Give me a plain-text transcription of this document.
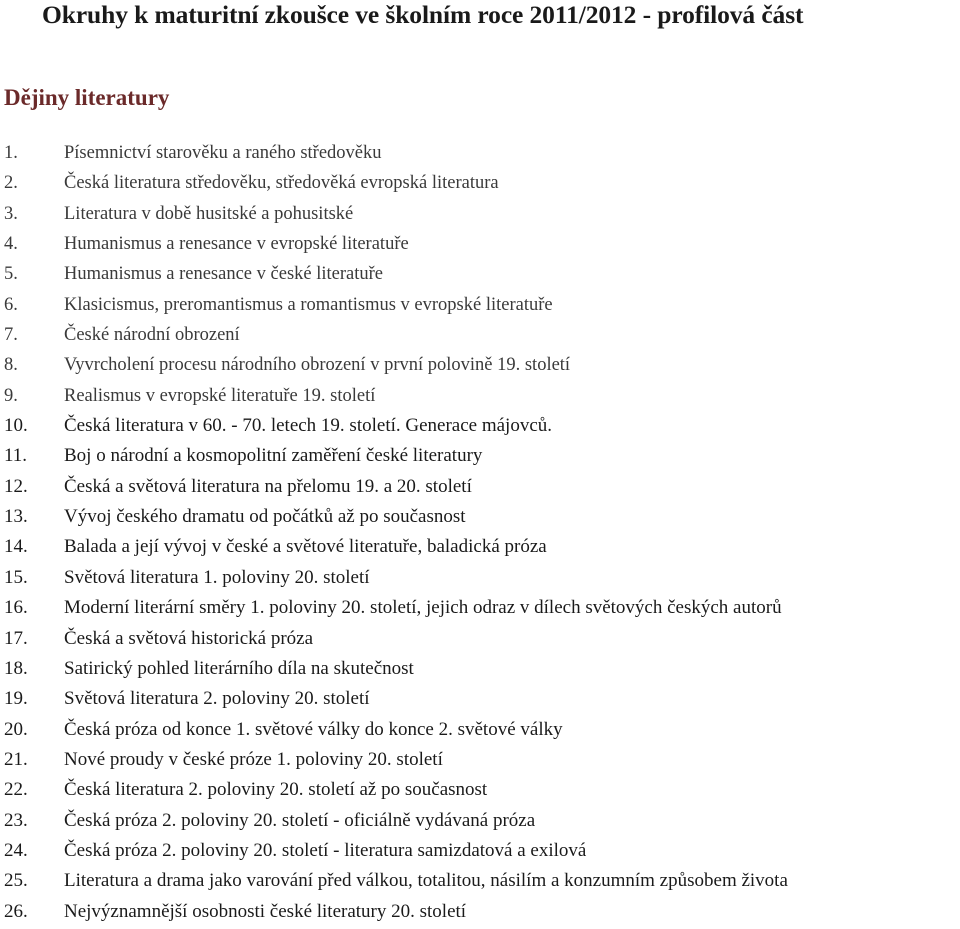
Okruhy k maturitní zkoušce ve školním roce 2011/2012 - profilová část
Dějiny literatury
1. Písemnictví starověku a raného středověku
2. Česká literatura středověku, středověká evropská literatura
3. Literatura v době husitské a pohusitské
4. Humanismus a renesance v evropské literatuře
5. Humanismus a renesance v české literatuře
6. Klasicismus, preromantismus a romantismus v evropské literatuře
7. České národní obrození
8. Vyvrcholení procesu národního obrození v první polovině 19. století
9. Realismus v evropské literatuře 19. století
10. Česká literatura v 60. - 70. letech 19. století. Generace májovců.
11. Boj o národní a kosmopolitní zaměření české literatury
12. Česká a světová literatura na přelomu 19. a 20. století
13. Vývoj českého dramatu od počátků až po současnost
14. Balada a její vývoj v české a světové literatuře, baladická próza
15. Světová literatura 1. poloviny 20. století
16. Moderní literární směry 1. poloviny 20. století, jejich odraz v dílech světových českých autorů
17. Česká a světová historická próza
18. Satirický pohled literárního díla na skutečnost
19. Světová literatura 2. poloviny 20. století
20. Česká próza od konce 1. světové války do konce 2. světové války
21. Nové proudy v české próze 1. poloviny 20. století
22. Česká literatura 2. poloviny 20. století až po současnost
23. Česká próza 2. poloviny 20. století - oficiálně vydávaná próza
24. Česká próza 2. poloviny 20. století - literatura samizdatová a exilová
25. Literatura a drama jako varování před válkou, totalitou, násilím a konzumním způsobem života
26. Nejvýznamnější osobnosti české literatury 20. století
